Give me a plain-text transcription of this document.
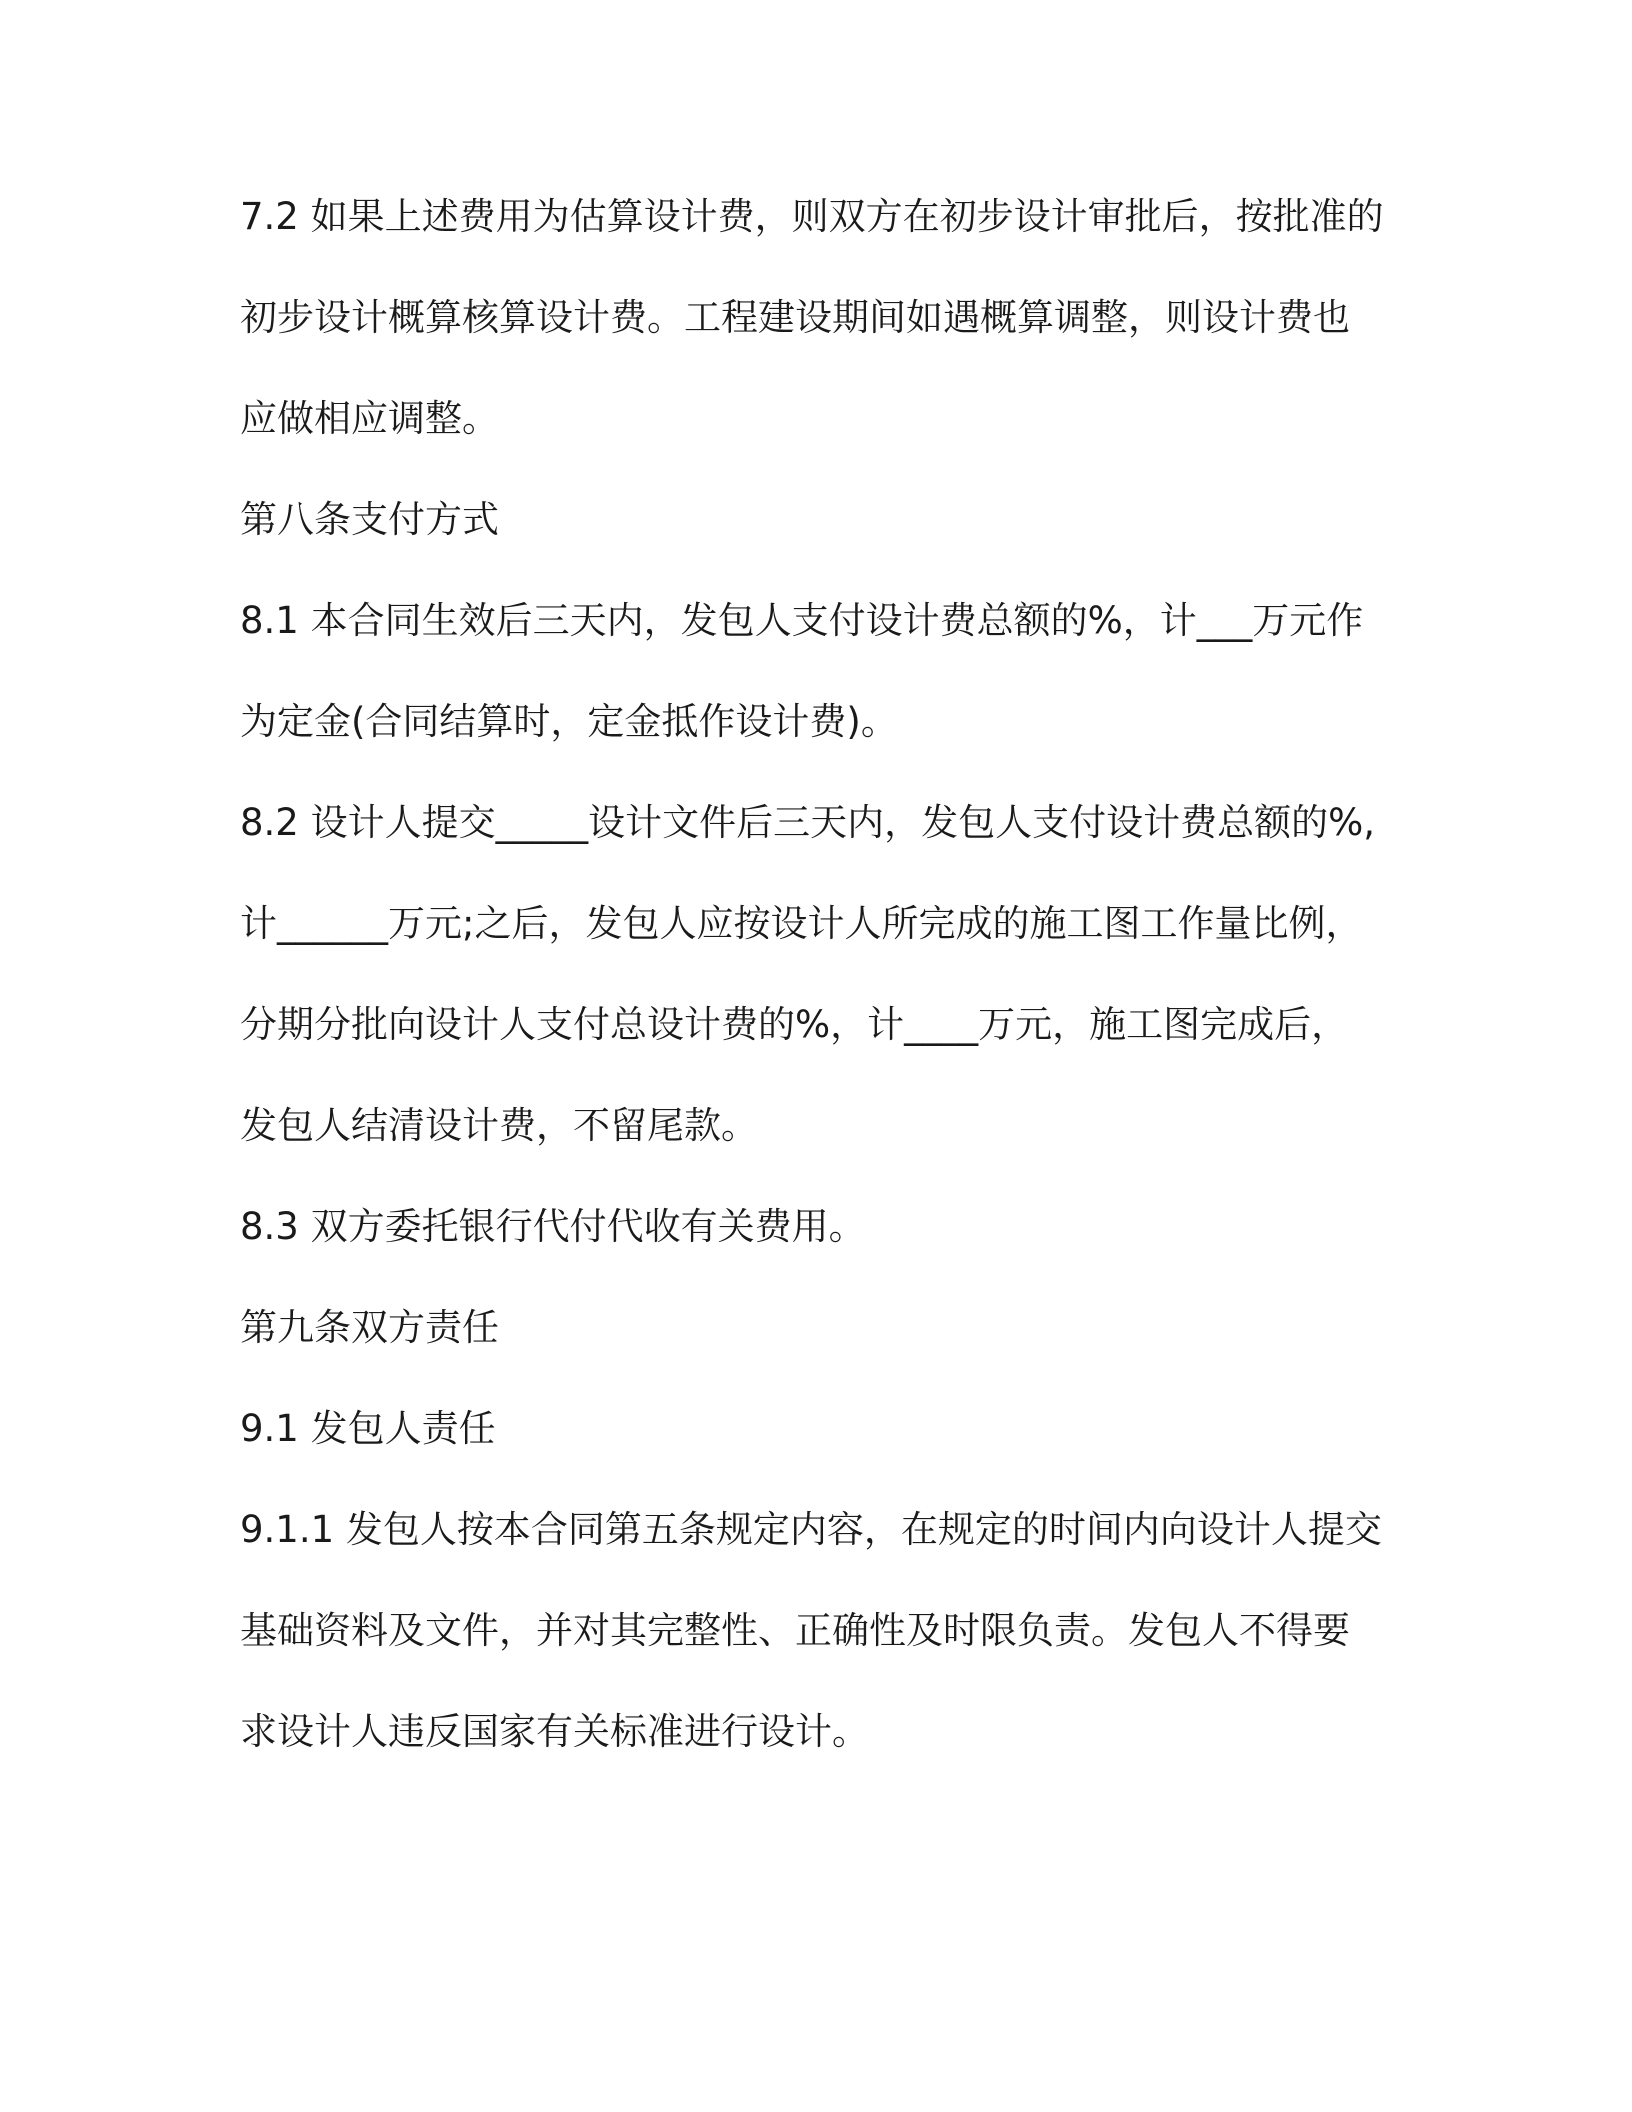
7.2 如果上述费用为估算设计费，则双方在初步设计审批后，按批准的
初步设计概算核算设计费。工程建设期间如遇概算调整，则设计费也
应做相应调整。
第八条支付方式
8.1 本合同生效后三天内，发包人支付设计费总额的%，计___万元作
为定金(合同结算时，定金抵作设计费)。
8.2 设计人提交_____设计文件后三天内，发包人支付设计费总额的%,
计______万元;之后，发包人应按设计人所完成的施工图工作量比例，
分期分批向设计人支付总设计费的%，计____万元，施工图完成后，
发包人结清设计费，不留尾款。
8.3 双方委托银行代付代收有关费用。
第九条双方责任
9.1 发包人责任
9.1.1 发包人按本合同第五条规定内容，在规定的时间内向设计人提交
基础资料及文件，并对其完整性、正确性及时限负责。发包人不得要
求设计人违反国家有关标准进行设计。
